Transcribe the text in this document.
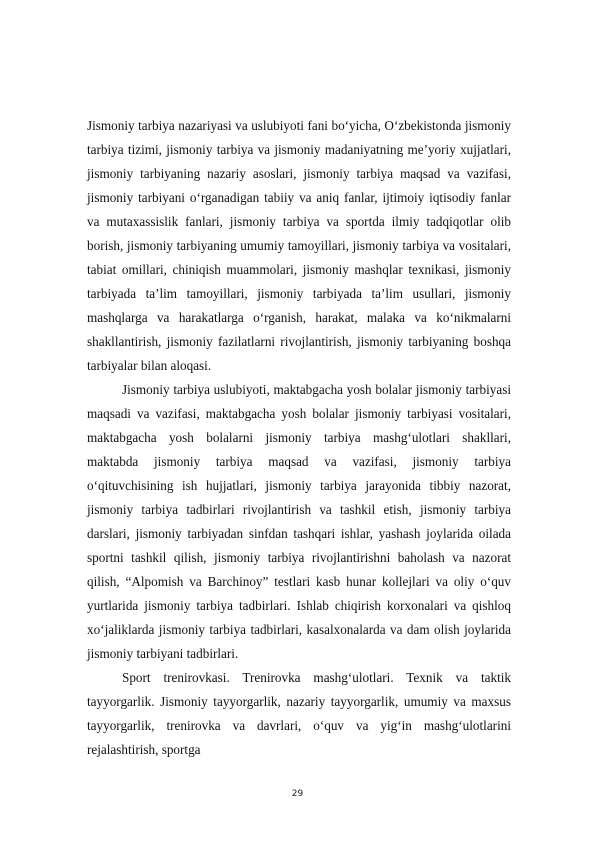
Jismoniy tarbiya nazariyasi va uslubiyoti fani bo‘yicha, O‘zbekistonda jismoniy tarbiya tizimi, jismoniy tarbiya va jismoniy madaniyatning me’yoriy xujjatlari, jismoniy tarbiyaning nazariy asoslari, jismoniy tarbiya maqsad va vazifasi, jismoniy tarbiyani o‘rganadigan tabiiy va aniq fanlar, ijtimoiy iqtisodiy fanlar va mutaxassislik fanlari, jismoniy tarbiya va sportda ilmiy tadqiqotlar olib borish, jismoniy tarbiyaning umumiy tamoyillari, jismoniy tarbiya va vositalari, tabiat omillari, chiniqish muammolari, jismoniy mashqlar texnikasi, jismoniy tarbiyada ta’lim tamoyillari, jismoniy tarbiyada ta’lim usullari, jismoniy mashqlarga va harakatlarga o‘rganish, harakat, malaka va ko‘nikmalarni shakllantirish, jismoniy fazilatlarni rivojlantirish, jismoniy tarbiyaning boshqa tarbiyalar bilan aloqasi.

Jismoniy tarbiya uslubiyoti, maktabgacha yosh bolalar jismoniy tarbiyasi maqsadi va vazifasi, maktabgacha yosh bolalar jismoniy tarbiyasi vositalari, maktabgacha yosh bolalarni jismoniy tarbiya mashg‘ulotlari shakllari, maktabda jismoniy tarbiya maqsad va vazifasi, jismoniy tarbiya o‘qituvchisining ish hujjatlari, jismoniy tarbiya jarayonida tibbiy nazorat, jismoniy tarbiya tadbirlari rivojlantirish va tashkil etish, jismoniy tarbiya darslari, jismoniy tarbiyadan sinfdan tashqari ishlar, yashash joylarida oilada sportni tashkil qilish, jismoniy tarbiya rivojlantirishni baholash va nazorat qilish, “Alpomish va Barchinoy” testlari kasb hunar kollejlari va oliy o‘quv yurtlarida jismoniy tarbiya tadbirlari. Ishlab chiqirish korxonalari va qishloq xo‘jaliklarda jismoniy tarbiya tadbirlari, kasalxonalarda va dam olish joylarida jismoniy tarbiyani tadbirlari.

Sport trenirovkasi. Trenirovka mashg‘ulotlari. Texnik va taktik tayyorgarlik. Jismoniy tayyorgarlik, nazariy tayyorgarlik, umumiy va maxsus tayyorgarlik, trenirovka va davrlari, o‘quv va yig‘in mashg‘ulotlarini rejalashtirish, sportga

29
